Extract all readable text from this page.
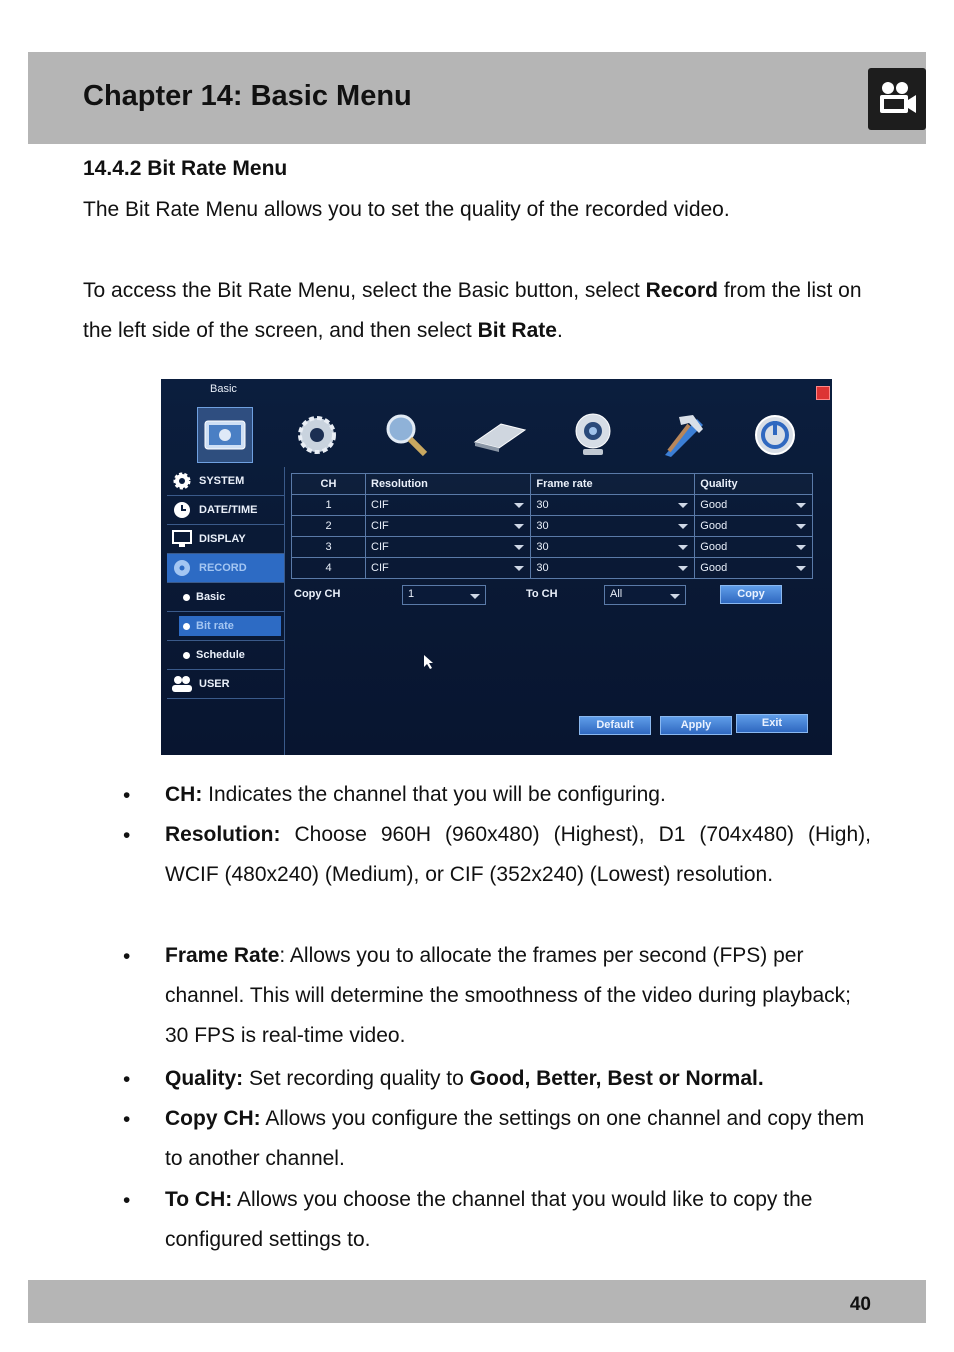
Chapter 14: Basic Menu
14.4.2 Bit Rate Menu
The Bit Rate Menu allows you to set the quality of the recorded video.
To access the Bit Rate Menu, select the Basic button, select Record from the list on the left side of the screen, and then select Bit Rate.
Basic
SYSTEM
DATE/TIME
DISPLAY
RECORD
Basic
Bit rate
Schedule
USER
CH	Resolution	Frame rate	Quality
1	CIF	30	Good
2	CIF	30	Good
3	CIF	30	Good
4	CIF	30	Good
Copy CH	1	To CH	All	Copy
Default	Apply	Exit
• CH: Indicates the channel that you will be configuring.
• Resolution: Choose 960H (960x480) (Highest), D1 (704x480) (High), WCIF (480x240) (Medium), or CIF (352x240) (Lowest) resolution.
• Frame Rate: Allows you to allocate the frames per second (FPS) per channel. This will determine the smoothness of the video during playback; 30 FPS is real-time video.
• Quality: Set recording quality to Good, Better, Best or Normal.
• Copy CH: Allows you configure the settings on one channel and copy them to another channel.
• To CH: Allows you choose the channel that you would like to copy the configured settings to.
40
